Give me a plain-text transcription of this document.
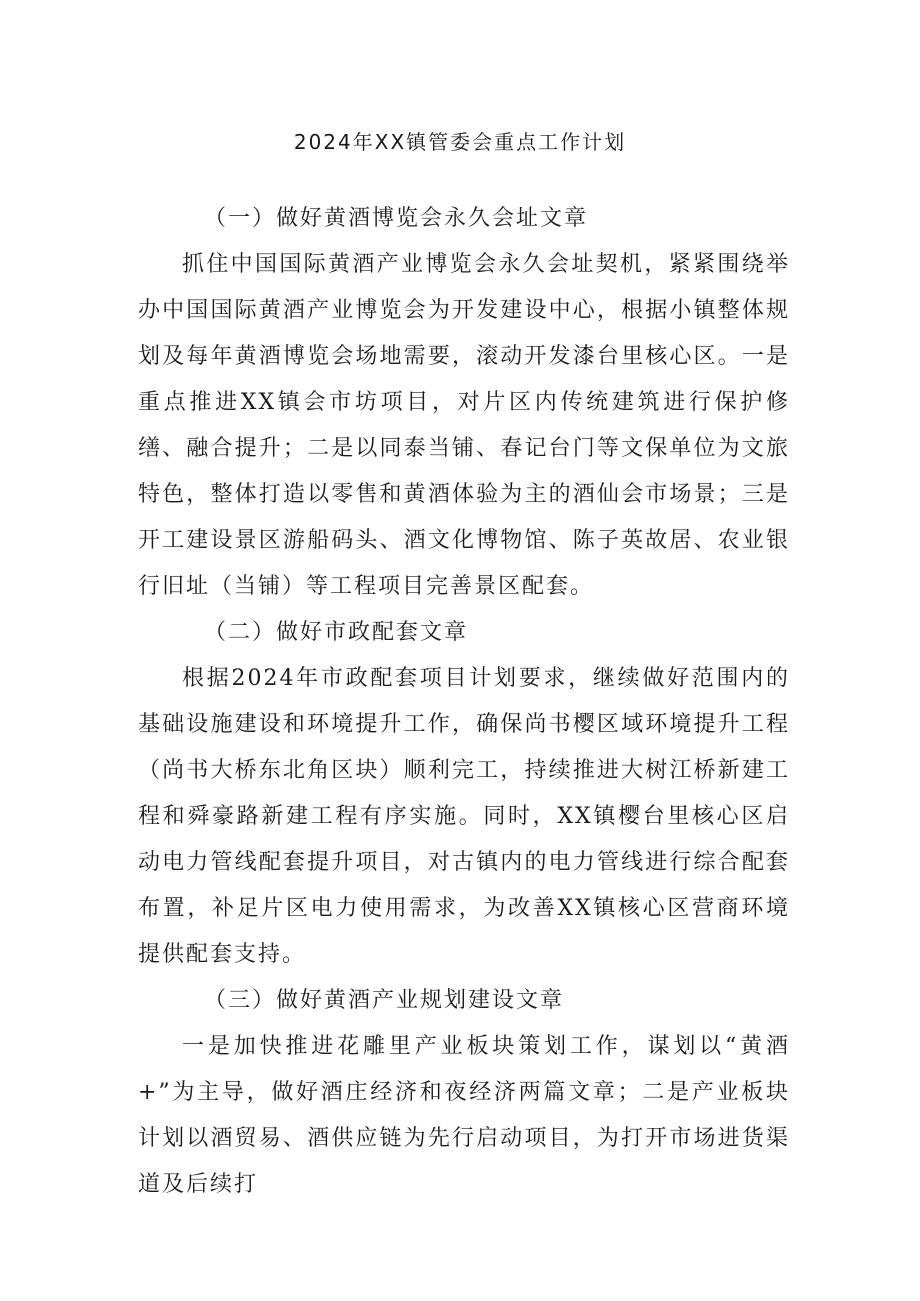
2024年XX镇管委会重点工作计划

（一）做好黄酒博览会永久会址文章

抓住中国国际黄酒产业博览会永久会址契机，紧紧围绕举办中国国际黄酒产业博览会为开发建设中心，根据小镇整体规划及每年黄酒博览会场地需要，滚动开发漆台里核心区。一是重点推进XX镇会市坊项目，对片区内传统建筑进行保护修缮、融合提升；二是以同泰当铺、春记台门等文保单位为文旅特色，整体打造以零售和黄酒体验为主的酒仙会市场景；三是开工建设景区游船码头、酒文化博物馆、陈子英故居、农业银行旧址（当铺）等工程项目完善景区配套。

（二）做好市政配套文章

根据2024年市政配套项目计划要求，继续做好范围内的基础设施建设和环境提升工作，确保尚书樱区域环境提升工程（尚书大桥东北角区块）顺利完工，持续推进大树江桥新建工程和舜豪路新建工程有序实施。同时，XX镇樱台里核心区启动电力管线配套提升项目，对古镇内的电力管线进行综合配套布置，补足片区电力使用需求，为改善XX镇核心区营商环境提供配套支持。

（三）做好黄酒产业规划建设文章

一是加快推进花雕里产业板块策划工作，谋划以“黄酒+”为主导，做好酒庄经济和夜经济两篇文章；二是产业板块计划以酒贸易、酒供应链为先行启动项目，为打开市场进货渠道及后续打
